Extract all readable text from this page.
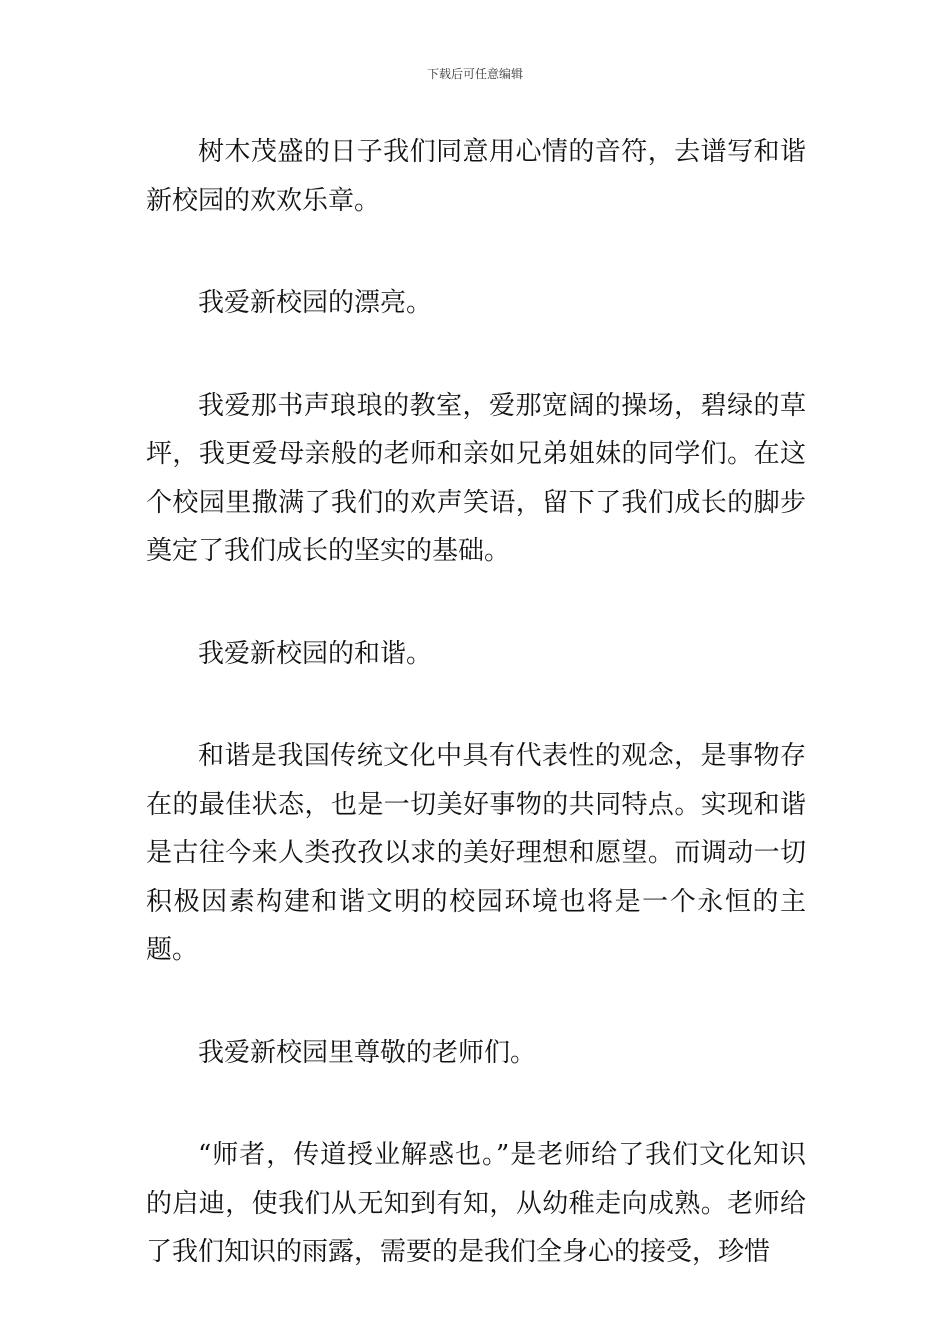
下载后可任意编辑

树木茂盛的日子我们同意用心情的音符，去谱写和谐新校园的欢欢乐章。

我爱新校园的漂亮。

我爱那书声琅琅的教室，爱那宽阔的操场，碧绿的草坪，我更爱母亲般的老师和亲如兄弟姐妹的同学们。在这个校园里撒满了我们的欢声笑语，留下了我们成长的脚步奠定了我们成长的坚实的基础。

我爱新校园的和谐。

和谐是我国传统文化中具有代表性的观念，是事物存在的最佳状态，也是一切美好事物的共同特点。实现和谐是古往今来人类孜孜以求的美好理想和愿望。而调动一切积极因素构建和谐文明的校园环境也将是一个永恒的主题。

我爱新校园里尊敬的老师们。

“师者，传道授业解惑也。”是老师给了我们文化知识的启迪，使我们从无知到有知，从幼稚走向成熟。老师给了我们知识的雨露，需要的是我们全身心的接受，珍惜
